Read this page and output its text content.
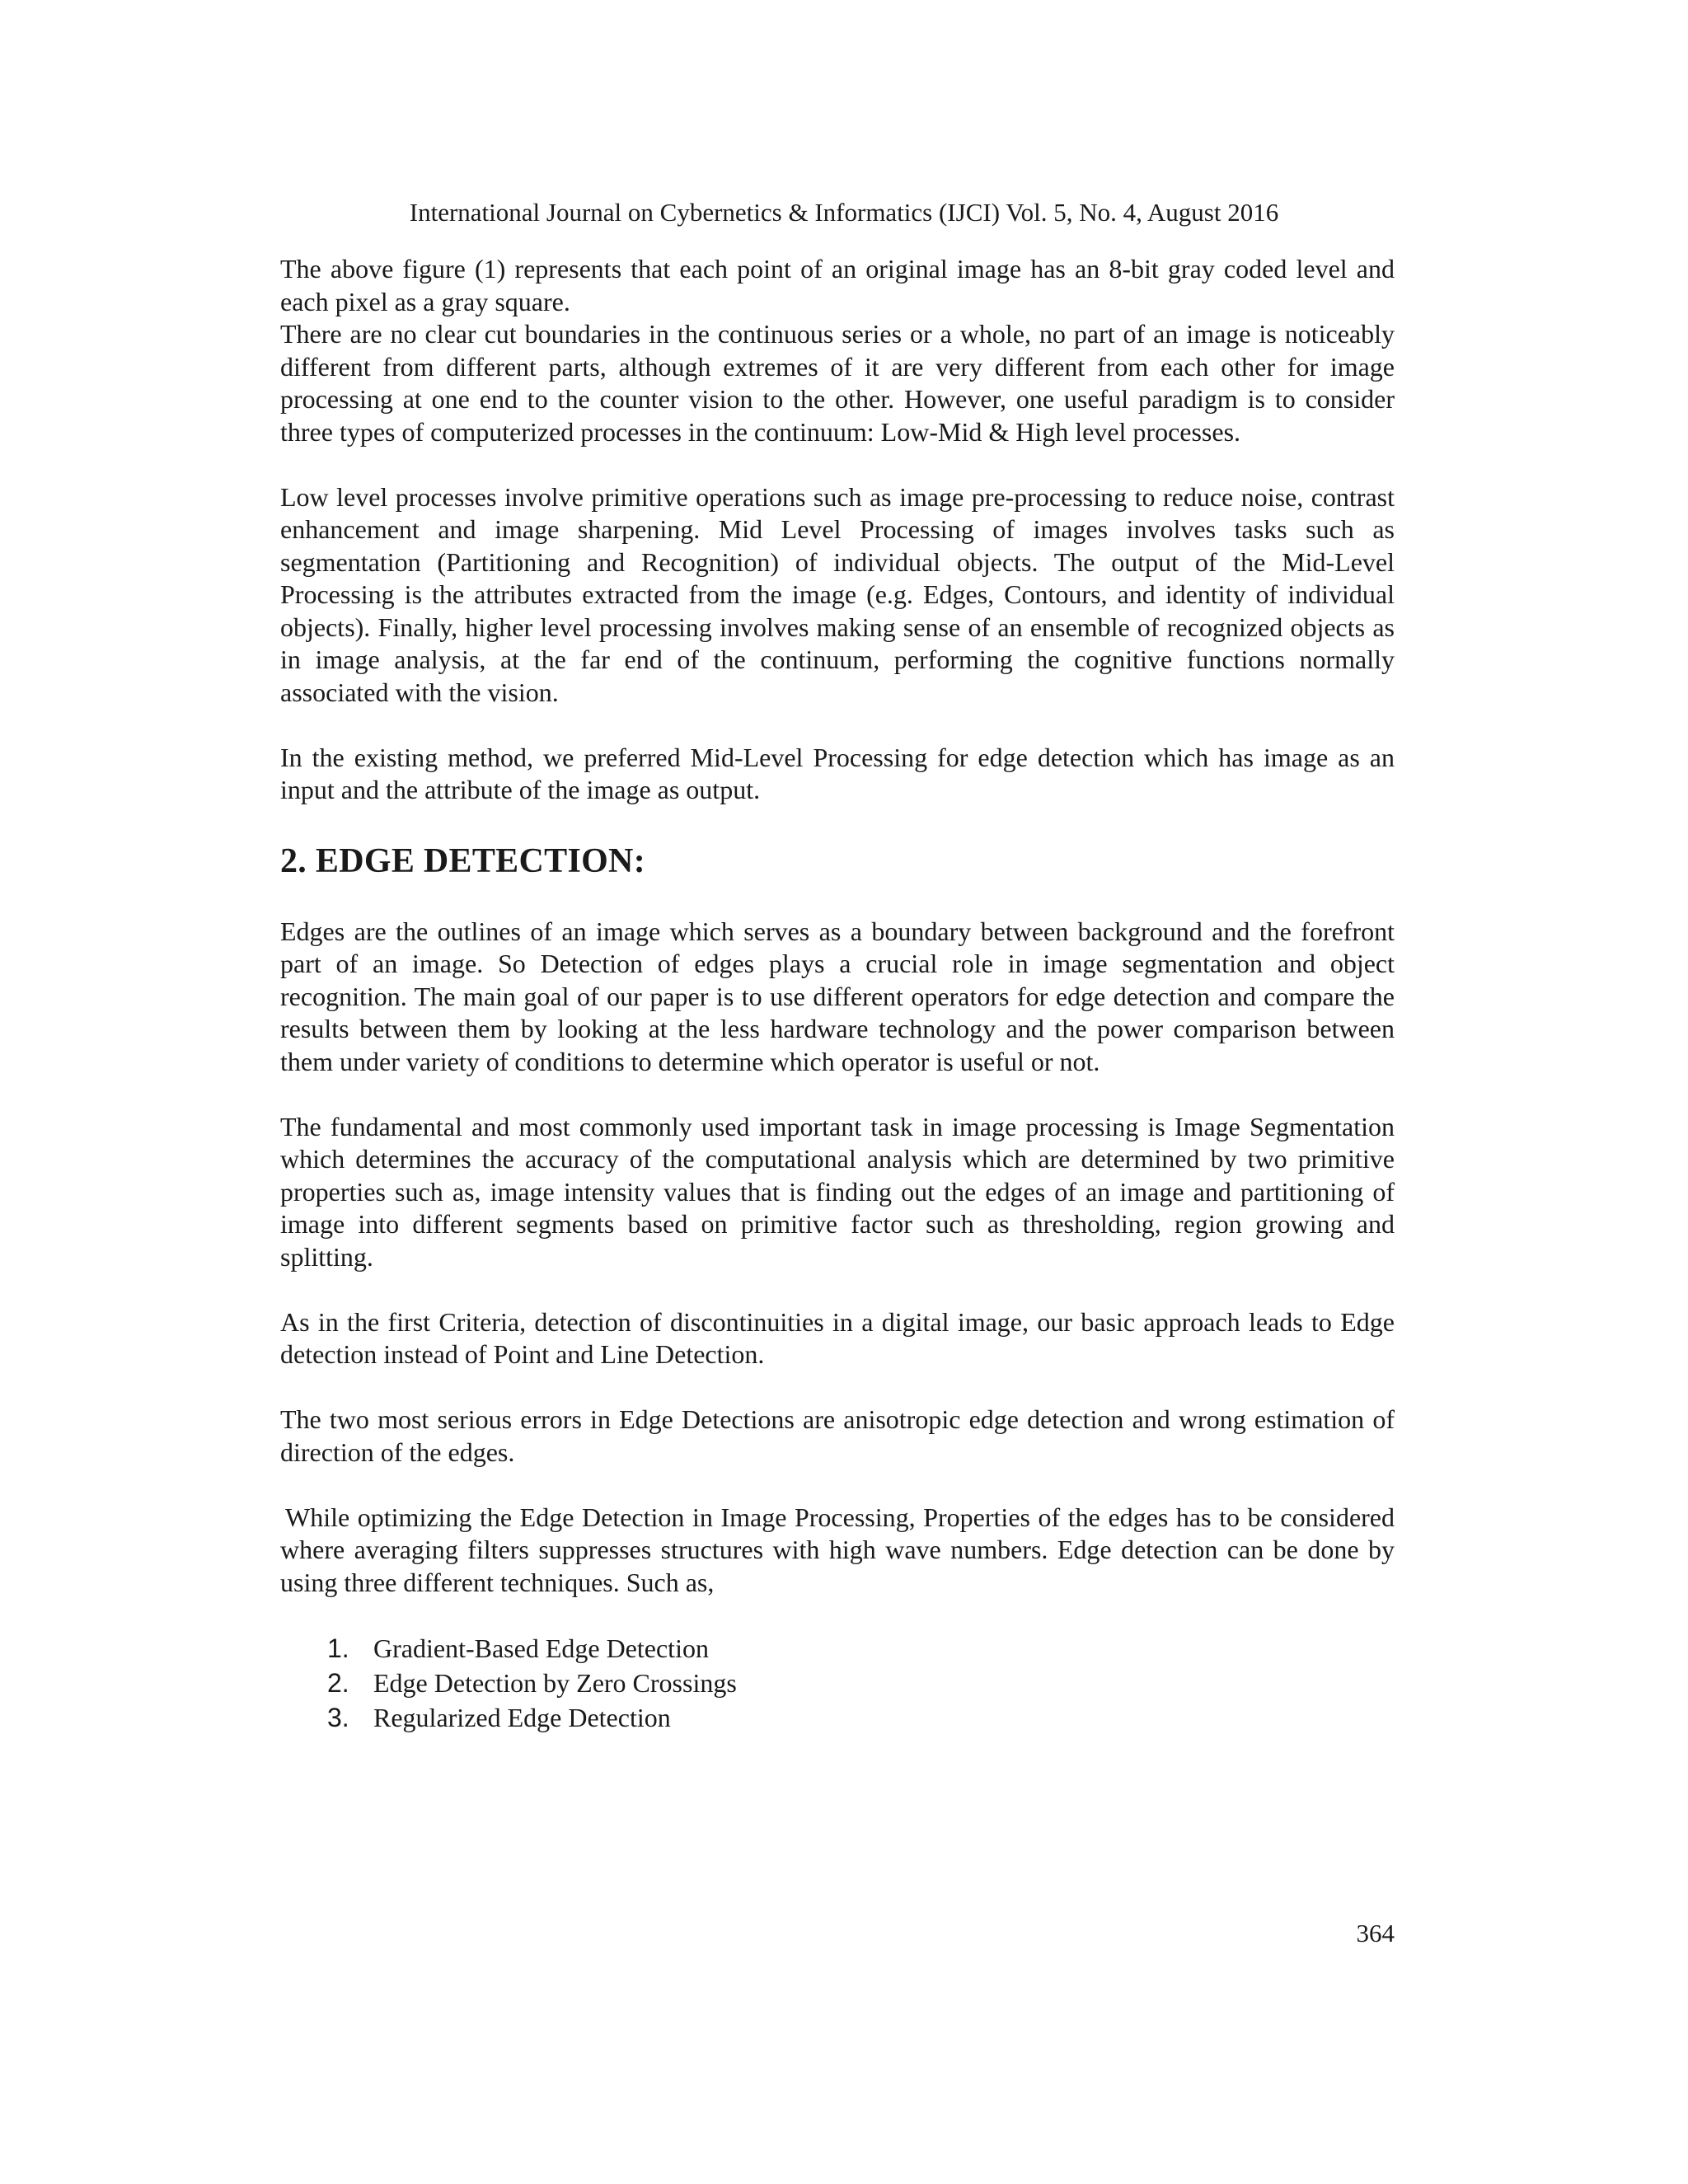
International Journal on Cybernetics & Informatics (IJCI) Vol. 5, No. 4, August 2016

The above figure (1) represents that each point of an original image has an 8-bit gray coded level and each pixel as a gray square.

There are no clear cut boundaries in the continuous series or a whole, no part of an image is noticeably different from different parts, although extremes of it are very different from each other for image processing at one end to the counter vision to the other. However, one useful paradigm is to consider three types of computerized processes in the continuum: Low-Mid & High level processes.

Low level processes involve primitive operations such as image pre-processing to reduce noise, contrast enhancement and image sharpening. Mid Level Processing of images involves tasks such as segmentation (Partitioning and Recognition) of individual objects. The output of the Mid-Level Processing is the attributes extracted from the image (e.g. Edges, Contours, and identity of individual objects). Finally, higher level processing involves making sense of an ensemble of recognized objects as in image analysis, at the far end of the continuum, performing the cognitive functions normally associated with the vision.

In the existing method, we preferred Mid-Level Processing for edge detection which has image as an input and the attribute of the image as output.

2. EDGE DETECTION:

Edges are the outlines of an image which serves as a boundary between background and the forefront part of an image. So Detection of edges plays a crucial role in image segmentation and object recognition. The main goal of our paper is to use different operators for edge detection and compare the results between them by looking at the less hardware technology and the power comparison between them under variety of conditions to determine which operator is useful or not.

The fundamental and most commonly used important task in image processing is Image Segmentation which determines the accuracy of the computational analysis which are determined by two primitive properties such as, image intensity values that is finding out the edges of an image and partitioning of image into different segments based on primitive factor such as thresholding, region growing and splitting.

As in the first Criteria, detection of discontinuities in a digital image, our basic approach leads to Edge detection instead of Point and Line Detection.

The two most serious errors in Edge Detections are anisotropic edge detection and wrong estimation of direction of the edges.

While optimizing the Edge Detection in Image Processing, Properties of the edges has to be considered where averaging filters suppresses structures with high wave numbers. Edge detection can be done by using three different techniques. Such as,

1. Gradient-Based Edge Detection
2. Edge Detection by Zero Crossings
3. Regularized Edge Detection
364
